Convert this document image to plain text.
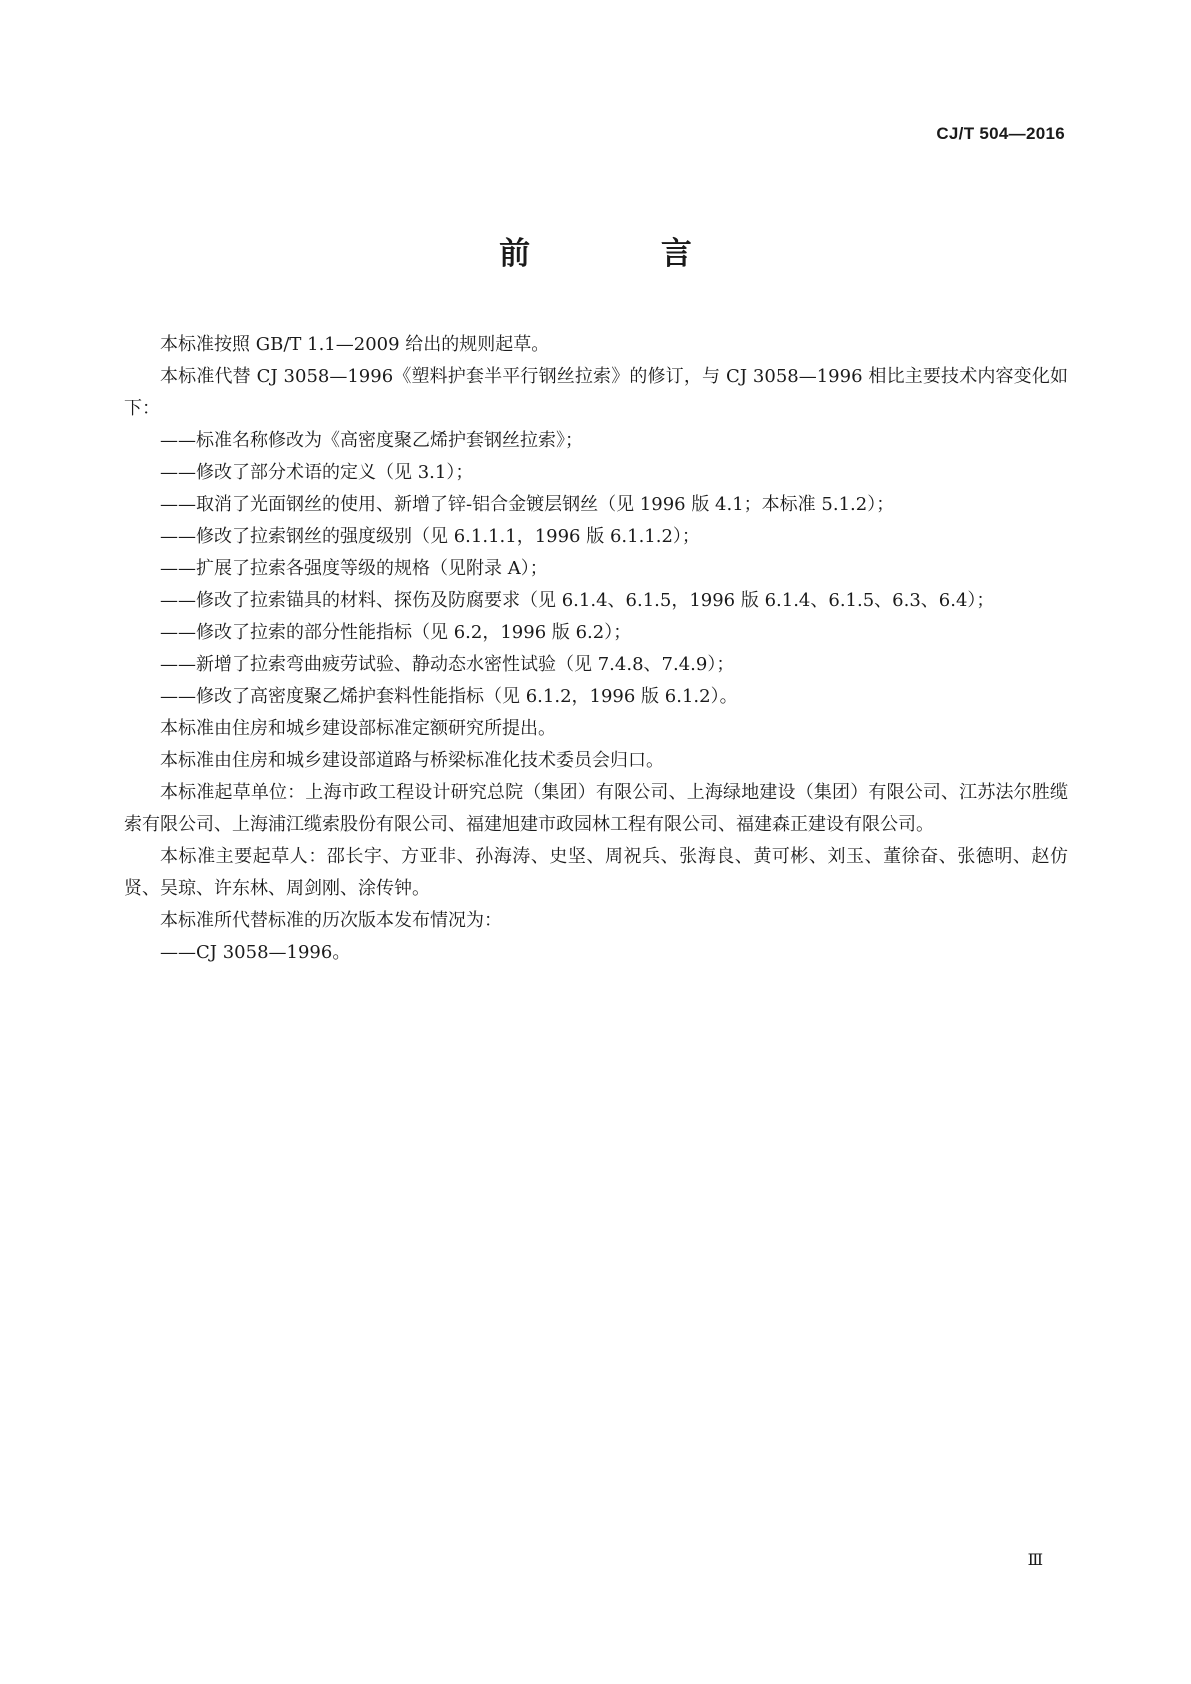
CJ/T 504—2016
前 言

本标准按照 GB/T 1.1—2009 给出的规则起草。

本标准代替 CJ 3058—1996《塑料护套半平行钢丝拉索》的修订，与 CJ 3058—1996 相比主要技术内容变化如下：

——标准名称修改为《高密度聚乙烯护套钢丝拉索》；

——修改了部分术语的定义（见 3.1）；

——取消了光面钢丝的使用、新增了锌-铝合金镀层钢丝（见 1996 版 4.1；本标准 5.1.2）；

——修改了拉索钢丝的强度级别（见 6.1.1.1，1996 版 6.1.1.2）；

——扩展了拉索各强度等级的规格（见附录 A）；

——修改了拉索锚具的材料、探伤及防腐要求（见 6.1.4、6.1.5，1996 版 6.1.4、6.1.5、6.3、6.4）；

——修改了拉索的部分性能指标（见 6.2，1996 版 6.2）；

——新增了拉索弯曲疲劳试验、静动态水密性试验（见 7.4.8、7.4.9）；

——修改了高密度聚乙烯护套料性能指标（见 6.1.2，1996 版 6.1.2）。

本标准由住房和城乡建设部标准定额研究所提出。

本标准由住房和城乡建设部道路与桥梁标准化技术委员会归口。

本标准起草单位：上海市政工程设计研究总院（集团）有限公司、上海绿地建设（集团）有限公司、江苏法尔胜缆索有限公司、上海浦江缆索股份有限公司、福建旭建市政园林工程有限公司、福建森正建设有限公司。

本标准主要起草人：邵长宇、方亚非、孙海涛、史坚、周祝兵、张海良、黄可彬、刘玉、董徐奋、张德明、赵仿贤、吴琼、许东林、周剑刚、涂传钟。

本标准所代替标准的历次版本发布情况为：

——CJ 3058—1996。

Ⅲ
